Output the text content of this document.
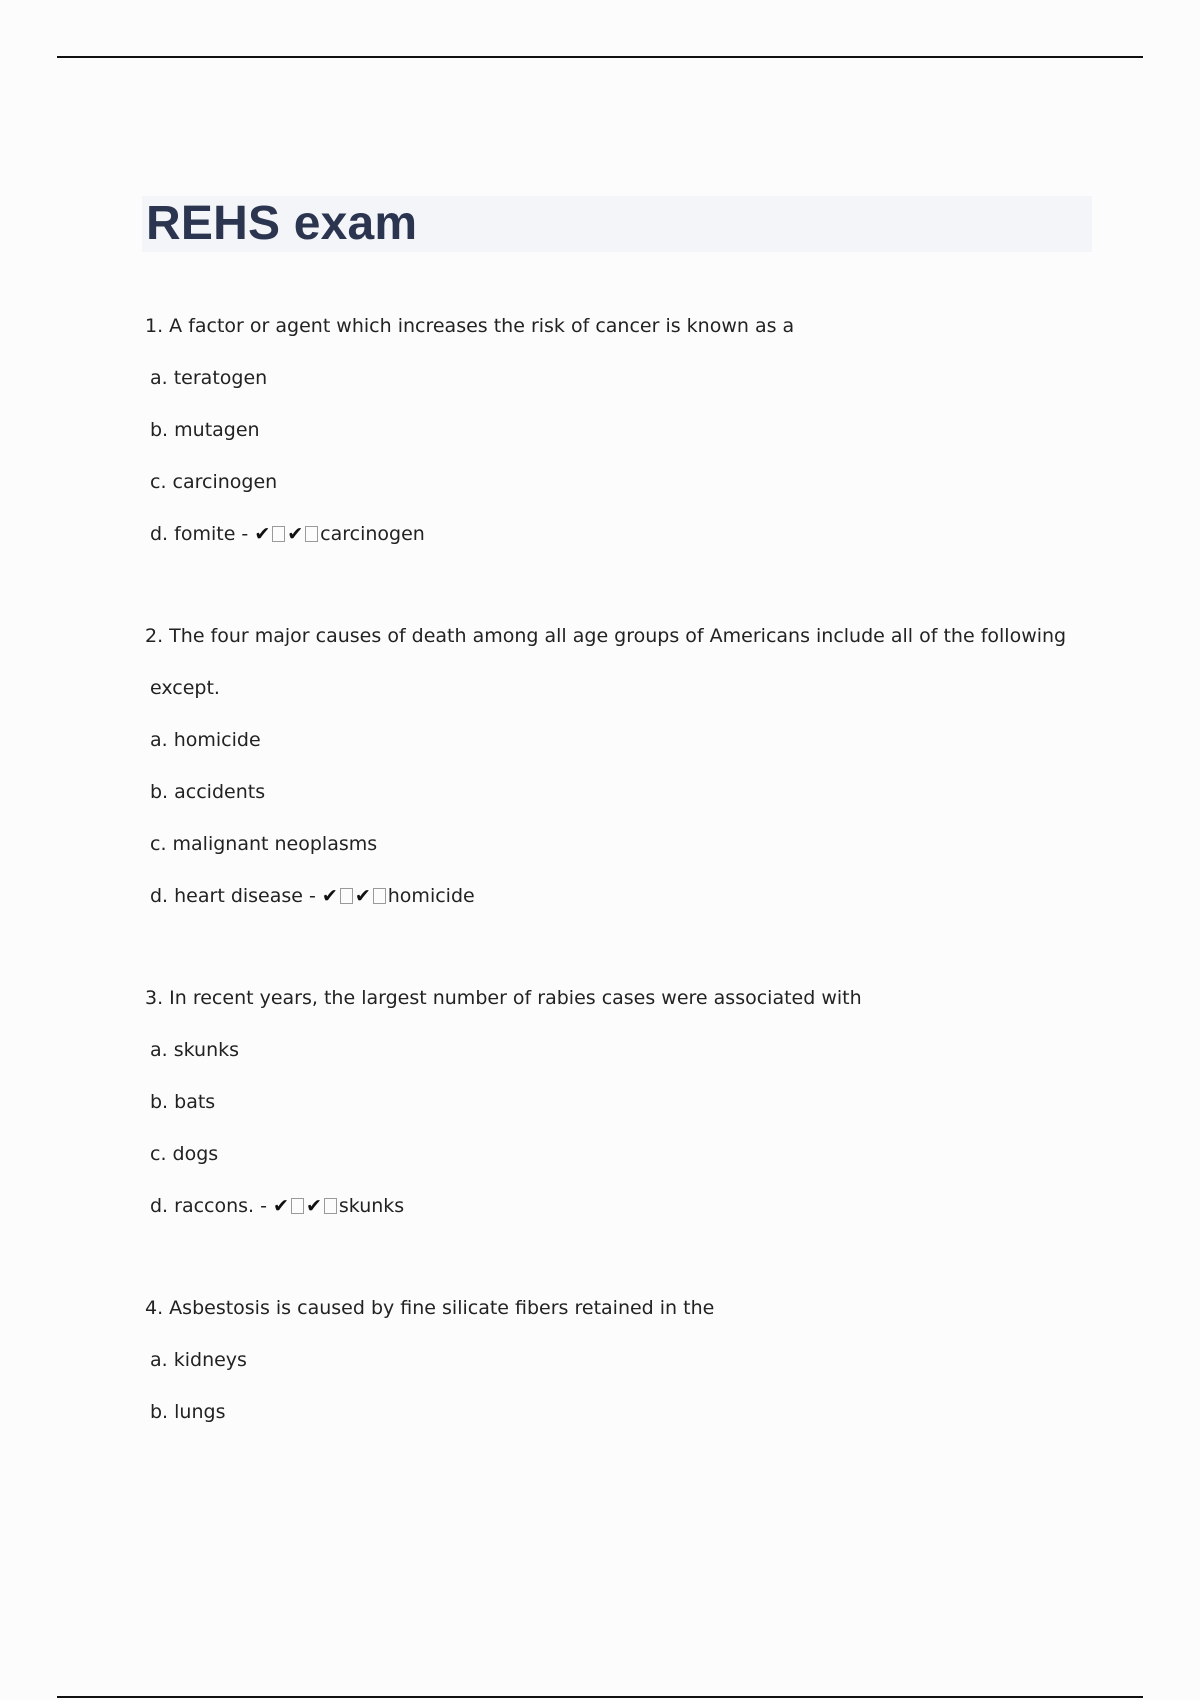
REHS exam

1. A factor or agent which increases the risk of cancer is known as a

a. teratogen

b. mutagen

c. carcinogen

d. fomite - ✔ ✔ carcinogen

2. The four major causes of death among all age groups of Americans include all of the following
except.

a. homicide

b. accidents

c. malignant neoplasms

d. heart disease - ✔ ✔ homicide

3. In recent years, the largest number of rabies cases were associated with

a. skunks

b. bats

c. dogs

d. raccons. - ✔ ✔ skunks

4. Asbestosis is caused by fine silicate fibers retained in the

a. kidneys

b. lungs
